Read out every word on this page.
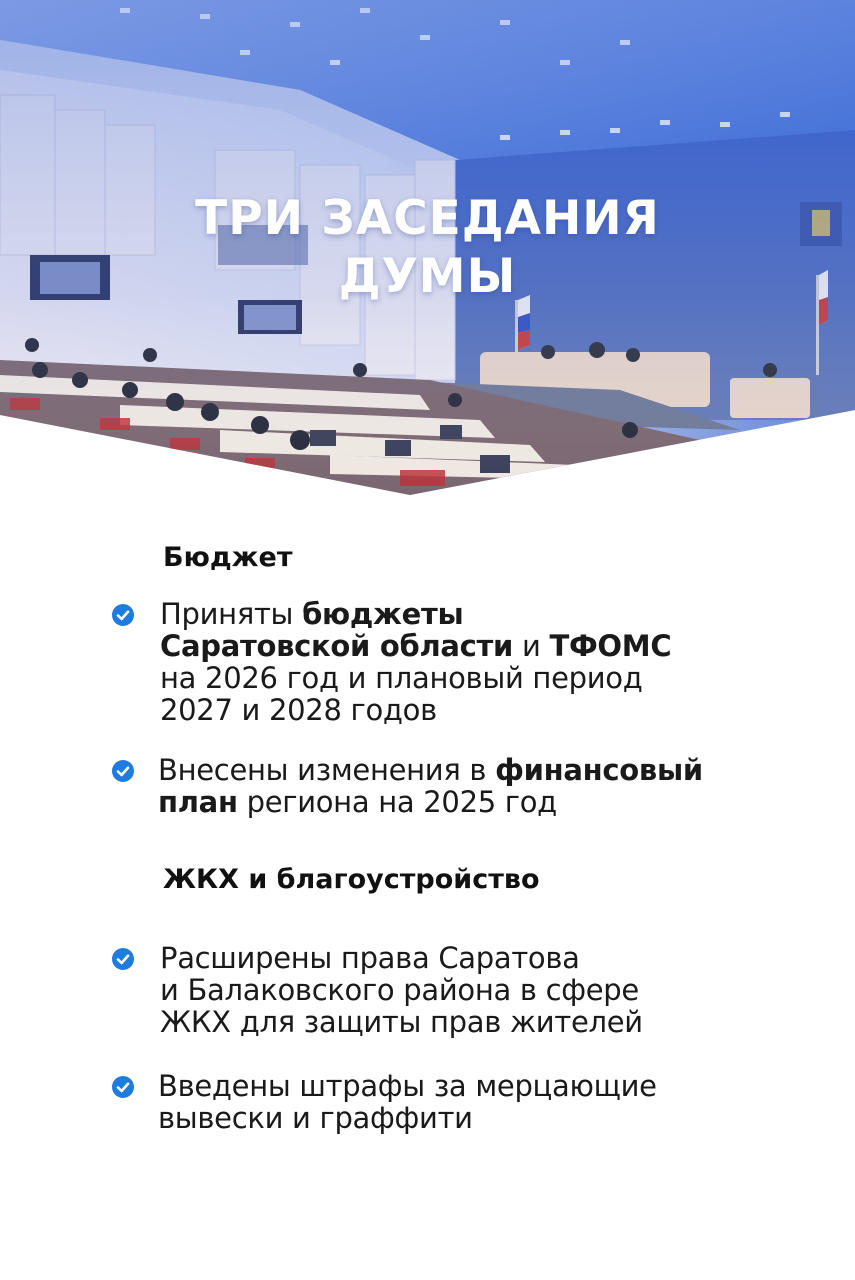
ТРИ ЗАСЕДАНИЯ
ДУМЫ
Бюджет
Приняты бюджеты
Саратовской области и ТФОМС
на 2026 год и плановый период
2027 и 2028 годов
Внесены изменения в финансовый
план региона на 2025 год
ЖКХ и благоустройство
Расширены права Саратова
и Балаковского района в сфере
ЖКХ для защиты прав жителей
Введены штрафы за мерцающие
вывески и граффити
